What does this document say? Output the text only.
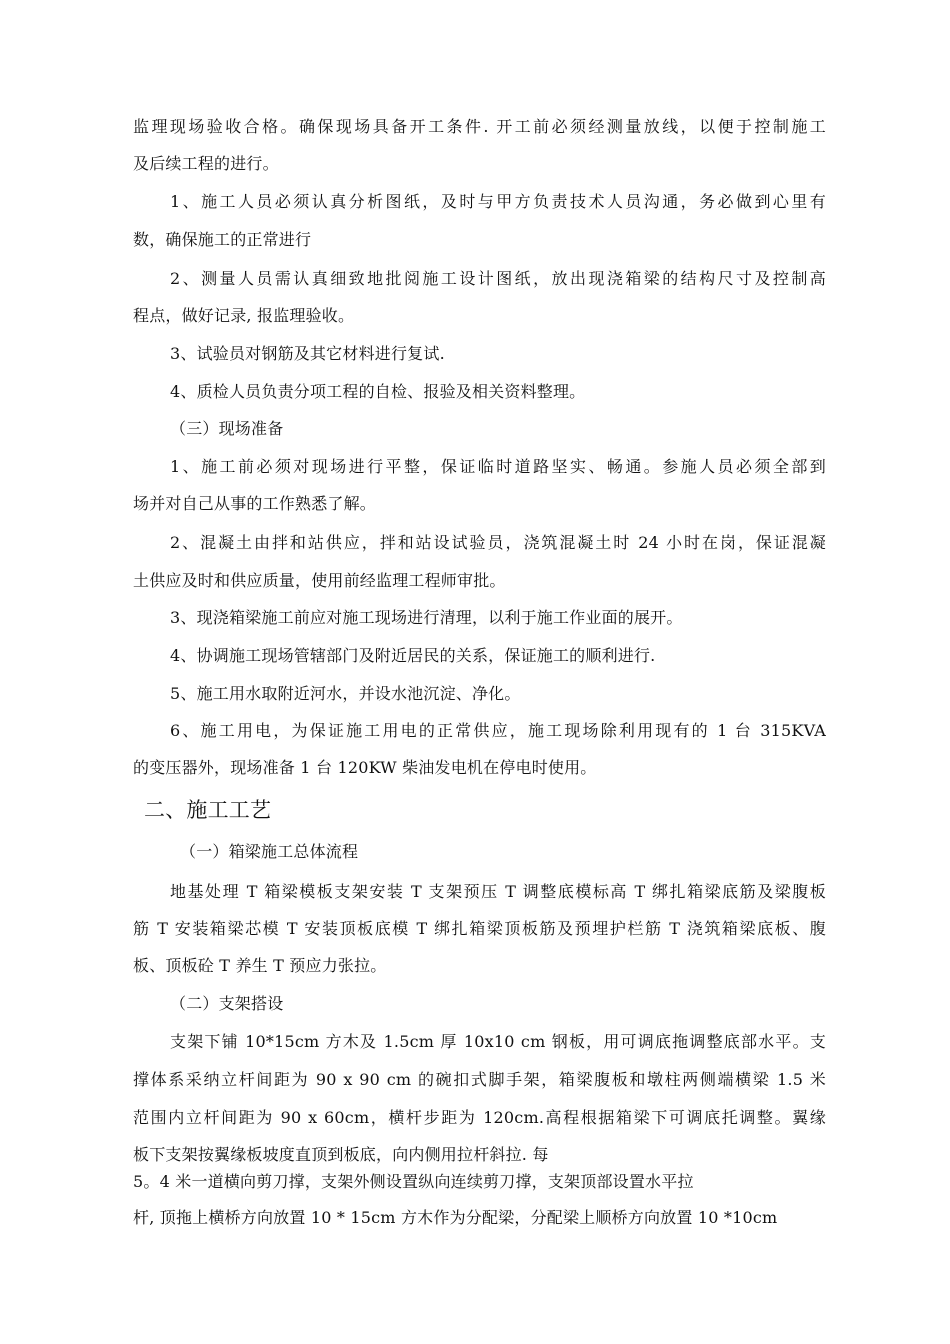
监理现场验收合格。确保现场具备开工条件. 开工前必须经测量放线，以便于控制施工
及后续工程的进行。
1、施工人员必须认真分析图纸，及时与甲方负责技术人员沟通，务必做到心里有
数，确保施工的正常进行
2、测量人员需认真细致地批阅施工设计图纸，放出现浇箱梁的结构尺寸及控制高
程点，做好记录, 报监理验收。
3、试验员对钢筋及其它材料进行复试.
4、质检人员负责分项工程的自检、报验及相关资料整理。
（三）现场准备
1、施工前必须对现场进行平整，保证临时道路坚实、畅通。参施人员必须全部到
场并对自己从事的工作熟悉了解。
2、混凝土由拌和站供应，拌和站设试验员，浇筑混凝土时 24 小时在岗，保证混凝
土供应及时和供应质量，使用前经监理工程师审批。
3、现浇箱梁施工前应对施工现场进行清理，以利于施工作业面的展开。
4、协调施工现场管辖部门及附近居民的关系，保证施工的顺利进行.
5、施工用水取附近河水，并设水池沉淀、净化。
6、施工用电，为保证施工用电的正常供应，施工现场除利用现有的 1 台 315KVA
的变压器外，现场准备 1 台 120KW 柴油发电机在停电时使用。
二、施工工艺
（一）箱梁施工总体流程
地基处理 T 箱梁模板支架安装 T 支架预压 T 调整底模标高 T 绑扎箱梁底筋及梁腹板
筋 T 安装箱梁芯模 T 安装顶板底模 T 绑扎箱梁顶板筋及预埋护栏筋 T 浇筑箱梁底板、腹
板、顶板砼 T 养生 T 预应力张拉。
（二）支架搭设
支架下铺 10*15cm 方木及 1.5cm 厚 10x10 cm 钢板，用可调底拖调整底部水平。支
撑体系采纳立杆间距为 90 x 90 cm 的碗扣式脚手架，箱梁腹板和墩柱两侧端横梁 1.5 米
范围内立杆间距为 90 x 60cm，横杆步距为 120cm.高程根据箱梁下可调底托调整。翼缘
板下支架按翼缘板坡度直顶到板底，向内侧用拉杆斜拉. 每
5。4 米一道横向剪刀撑，支架外侧设置纵向连续剪刀撑，支架顶部设置水平拉
杆, 顶拖上横桥方向放置 10 * 15cm 方木作为分配梁，分配梁上顺桥方向放置 10 *10cm
